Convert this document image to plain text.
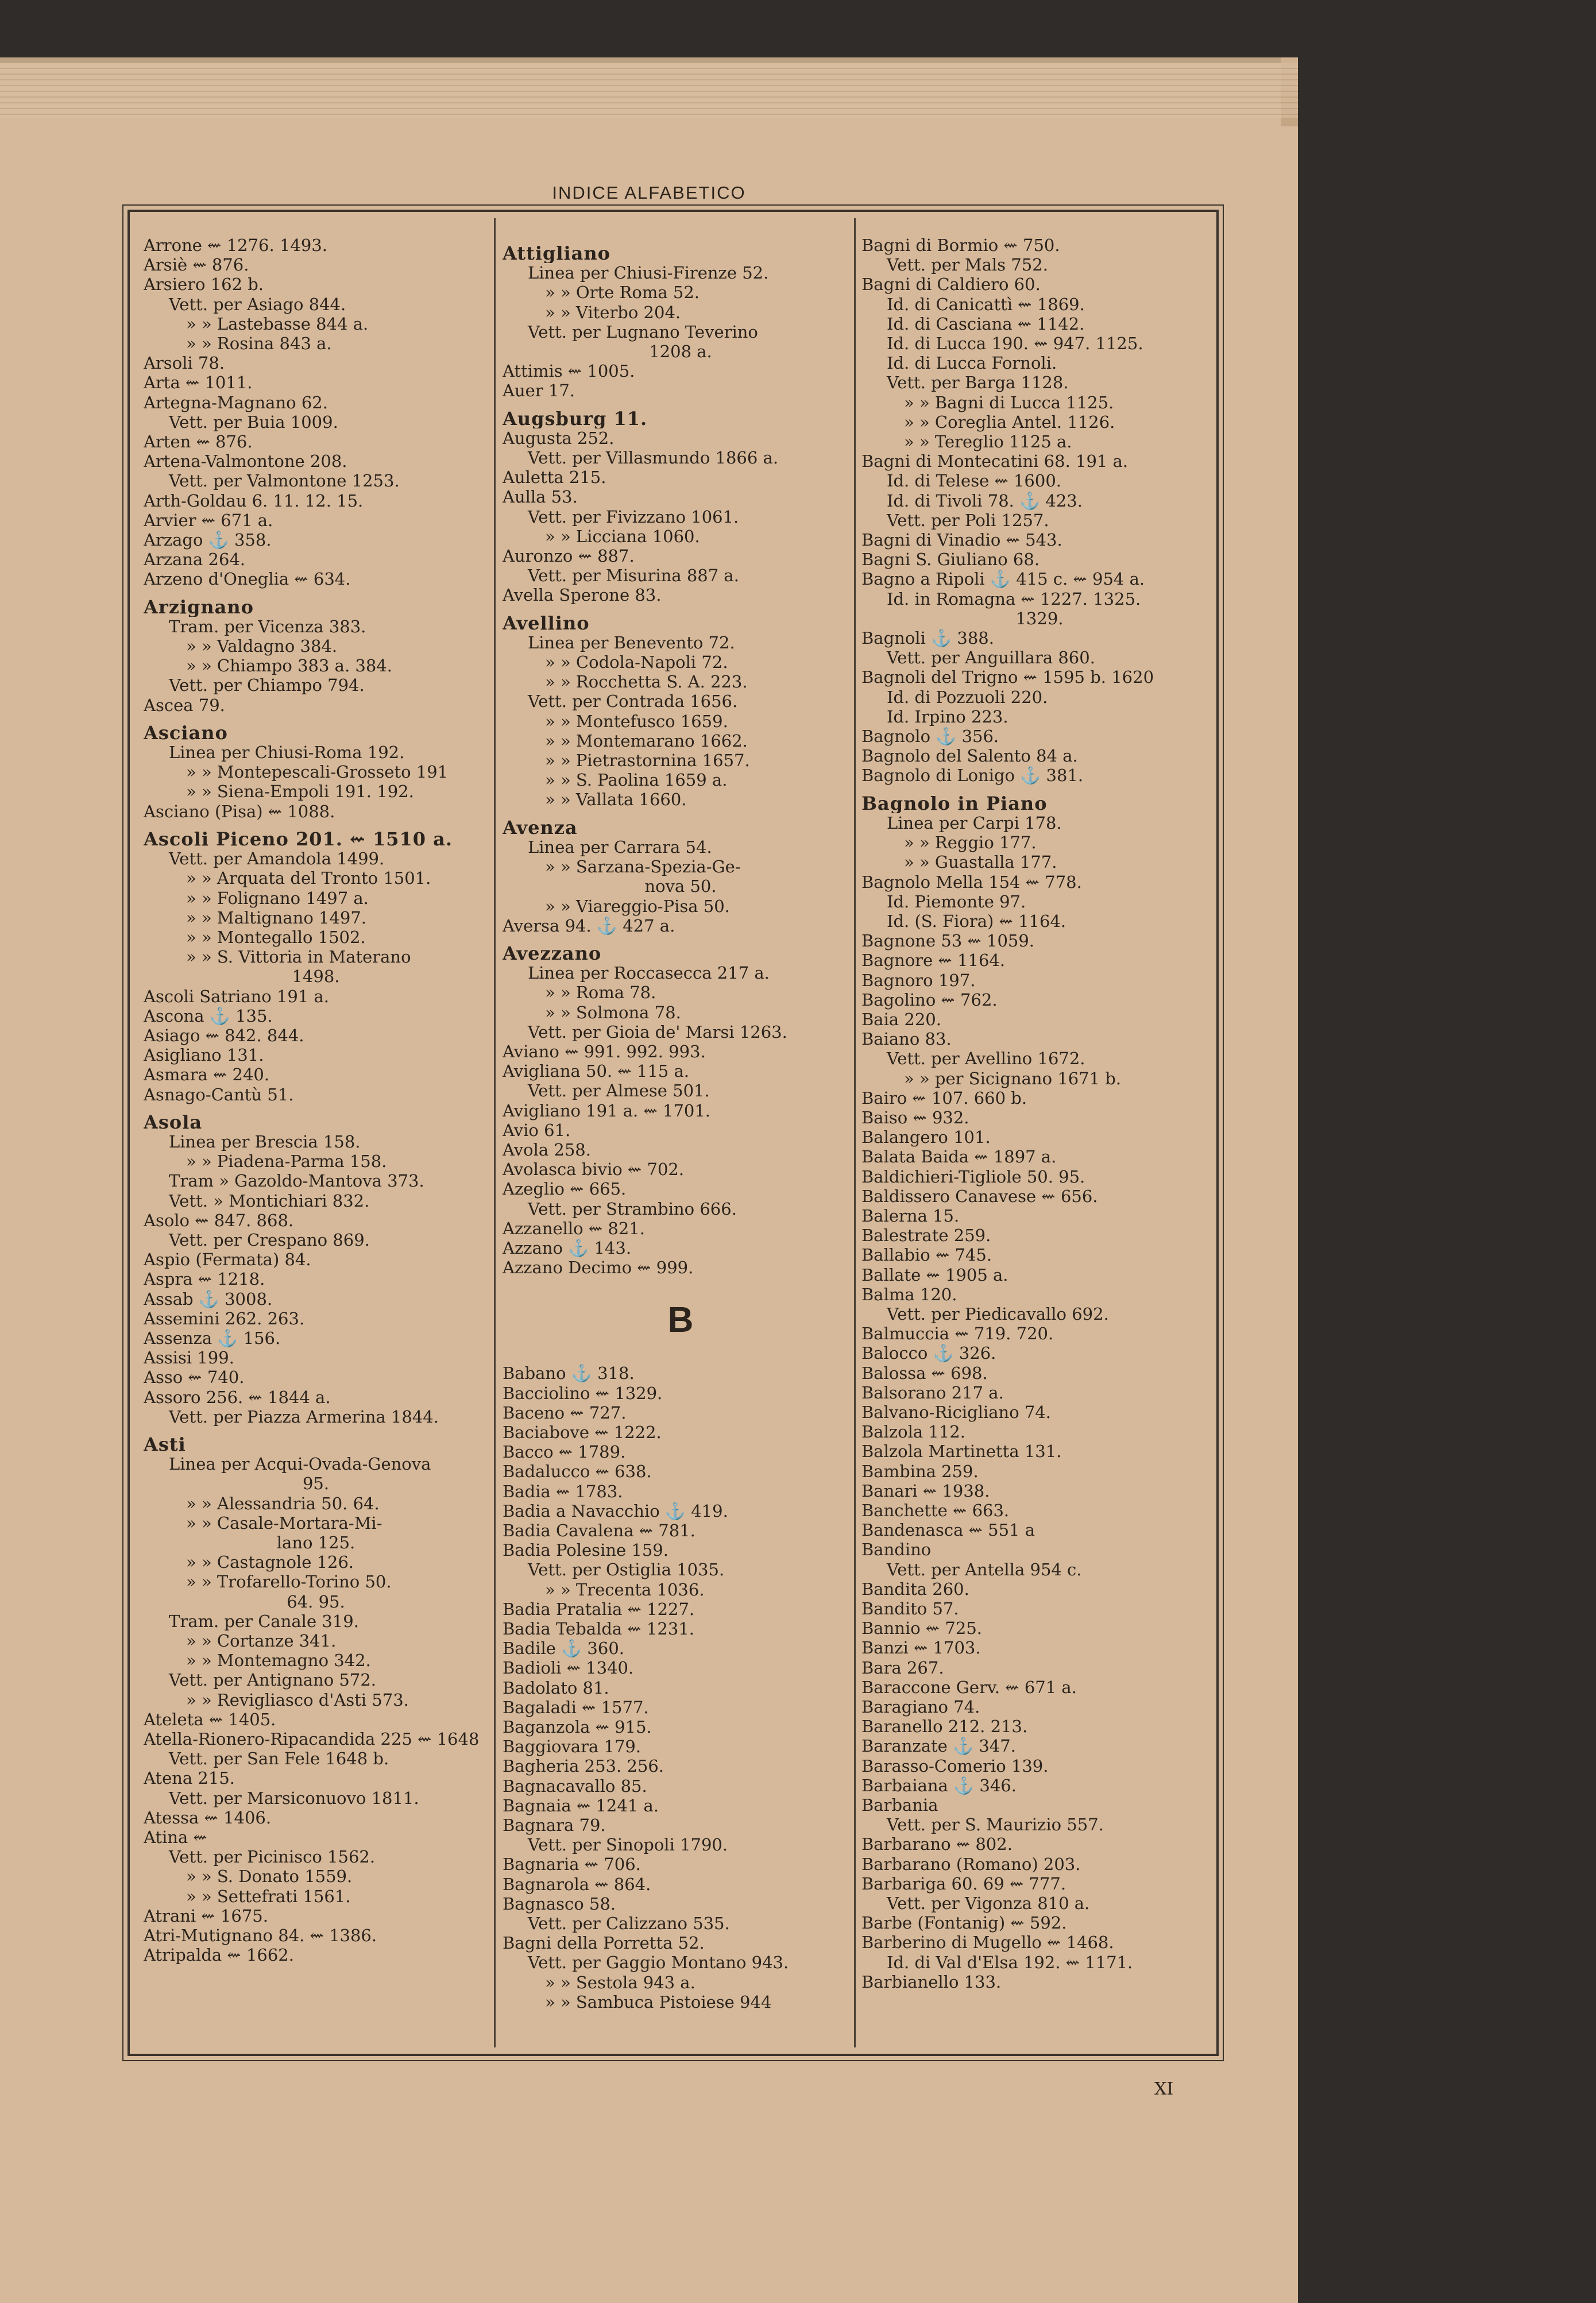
INDICE ALFABETICO
Arrone ⇜ 1276. 1493.
Arsiè ⇜ 876.
Arsiero 162 b.
Vett. per Asiago 844.
» » Lastebasse 844 a.
» » Rosina 843 a.
Arsoli 78.
Arta ⇜ 1011.
Artegna-Magnano 62.
Vett. per Buia 1009.
Arten ⇜ 876.
Artena-Valmontone 208.
Vett. per Valmontone 1253.
Arth-Goldau 6. 11. 12. 15.
Arvier ⇜ 671 a.
Arzago ⚓ 358.
Arzana 264.
Arzeno d'Oneglia ⇜ 634.
Arzignano
Tram. per Vicenza 383.
» » Valdagno 384.
» » Chiampo 383 a. 384.
Vett. per Chiampo 794.
Ascea 79.
Asciano
Linea per Chiusi-Roma 192.
» » Montepescali-Grosseto 191
» » Siena-Empoli 191. 192.
Asciano (Pisa) ⇜ 1088.
Ascoli Piceno 201. ⇜ 1510 a.
Vett. per Amandola 1499.
» » Arquata del Tronto 1501.
» » Folignano 1497 a.
» » Maltignano 1497.
» » Montegallo 1502.
» » S. Vittoria in Materano
1498.
Ascoli Satriano 191 a.
Ascona ⚓ 135.
Asiago ⇜ 842. 844.
Asigliano 131.
Asmara ⇜ 240.
Asnago-Cantù 51.
Asola
Linea per Brescia 158.
» » Piadena-Parma 158.
Tram » Gazoldo-Mantova 373.
Vett. » Montichiari 832.
Asolo ⇜ 847. 868.
Vett. per Crespano 869.
Aspio (Fermata) 84.
Aspra ⇜ 1218.
Assab ⚓ 3008.
Assemini 262. 263.
Assenza ⚓ 156.
Assisi 199.
Asso ⇜ 740.
Assoro 256. ⇜ 1844 a.
Vett. per Piazza Armerina 1844.
Asti
Linea per Acqui-Ovada-Genova
95.
» » Alessandria 50. 64.
» » Casale-Mortara-Mi-
lano 125.
» » Castagnole 126.
» » Trofarello-Torino 50.
64. 95.
Tram. per Canale 319.
» » Cortanze 341.
» » Montemagno 342.
Vett. per Antignano 572.
» » Revigliasco d'Asti 573.
Ateleta ⇜ 1405.
Atella-Rionero-Ripacandida 225 ⇜ 1648
Vett. per San Fele 1648 b.
Atena 215.
Vett. per Marsiconuovo 1811.
Atessa ⇜ 1406.
Atina ⇜
Vett. per Picinisco 1562.
» » S. Donato 1559.
» » Settefrati 1561.
Atrani ⇜ 1675.
Atri-Mutignano 84. ⇜ 1386.
Atripalda ⇜ 1662.
Attigliano
Linea per Chiusi-Firenze 52.
» » Orte Roma 52.
» » Viterbo 204.
Vett. per Lugnano Teverino
1208 a.
Attimis ⇜ 1005.
Auer 17.
Augsburg 11.
Augusta 252.
Vett. per Villasmundo 1866 a.
Auletta 215.
Aulla 53.
Vett. per Fivizzano 1061.
» » Licciana 1060.
Auronzo ⇜ 887.
Vett. per Misurina 887 a.
Avella Sperone 83.
Avellino
Linea per Benevento 72.
» » Codola-Napoli 72.
» » Rocchetta S. A. 223.
Vett. per Contrada 1656.
» » Montefusco 1659.
» » Montemarano 1662.
» » Pietrastornina 1657.
» » S. Paolina 1659 a.
» » Vallata 1660.
Avenza
Linea per Carrara 54.
» » Sarzana-Spezia-Ge-
nova 50.
» » Viareggio-Pisa 50.
Aversa 94. ⚓ 427 a.
Avezzano
Linea per Roccasecca 217 a.
» » Roma 78.
» » Solmona 78.
Vett. per Gioia de' Marsi 1263.
Aviano ⇜ 991. 992. 993.
Avigliana 50. ⇜ 115 a.
Vett. per Almese 501.
Avigliano 191 a. ⇜ 1701.
Avio 61.
Avola 258.
Avolasca bivio ⇜ 702.
Azeglio ⇜ 665.
Vett. per Strambino 666.
Azzanello ⇜ 821.
Azzano ⚓ 143.
Azzano Decimo ⇜ 999.
B
Babano ⚓ 318.
Bacciolino ⇜ 1329.
Baceno ⇜ 727.
Baciabove ⇜ 1222.
Bacco ⇜ 1789.
Badalucco ⇜ 638.
Badia ⇜ 1783.
Badia a Navacchio ⚓ 419.
Badia Cavalena ⇜ 781.
Badia Polesine 159.
Vett. per Ostiglia 1035.
» » Trecenta 1036.
Badia Pratalia ⇜ 1227.
Badia Tebalda ⇜ 1231.
Badile ⚓ 360.
Badioli ⇜ 1340.
Badolato 81.
Bagaladi ⇜ 1577.
Baganzola ⇜ 915.
Baggiovara 179.
Bagheria 253. 256.
Bagnacavallo 85.
Bagnaia ⇜ 1241 a.
Bagnara 79.
Vett. per Sinopoli 1790.
Bagnaria ⇜ 706.
Bagnarola ⇜ 864.
Bagnasco 58.
Vett. per Calizzano 535.
Bagni della Porretta 52.
Vett. per Gaggio Montano 943.
» » Sestola 943 a.
» » Sambuca Pistoiese 944
Bagni di Bormio ⇜ 750.
Vett. per Mals 752.
Bagni di Caldiero 60.
Id. di Canicattì ⇜ 1869.
Id. di Casciana ⇜ 1142.
Id. di Lucca 190. ⇜ 947. 1125.
Id. di Lucca Fornoli.
Vett. per Barga 1128.
» » Bagni di Lucca 1125.
» » Coreglia Antel. 1126.
» » Tereglio 1125 a.
Bagni di Montecatini 68. 191 a.
Id. di Telese ⇜ 1600.
Id. di Tivoli 78. ⚓ 423.
Vett. per Poli 1257.
Bagni di Vinadio ⇜ 543.
Bagni S. Giuliano 68.
Bagno a Ripoli ⚓ 415 c. ⇜ 954 a.
Id. in Romagna ⇜ 1227. 1325.
1329.
Bagnoli ⚓ 388.
Vett. per Anguillara 860.
Bagnoli del Trigno ⇜ 1595 b. 1620
Id. di Pozzuoli 220.
Id. Irpino 223.
Bagnolo ⚓ 356.
Bagnolo del Salento 84 a.
Bagnolo di Lonigo ⚓ 381.
Bagnolo in Piano
Linea per Carpi 178.
» » Reggio 177.
» » Guastalla 177.
Bagnolo Mella 154 ⇜ 778.
Id. Piemonte 97.
Id. (S. Fiora) ⇜ 1164.
Bagnone 53 ⇜ 1059.
Bagnore ⇜ 1164.
Bagnoro 197.
Bagolino ⇜ 762.
Baia 220.
Baiano 83.
Vett. per Avellino 1672.
» » per Sicignano 1671 b.
Bairo ⇜ 107. 660 b.
Baiso ⇜ 932.
Balangero 101.
Balata Baida ⇜ 1897 a.
Baldichieri-Tigliole 50. 95.
Baldissero Canavese ⇜ 656.
Balerna 15.
Balestrate 259.
Ballabio ⇜ 745.
Ballate ⇜ 1905 a.
Balma 120.
Vett. per Piedicavallo 692.
Balmuccia ⇜ 719. 720.
Balocco ⚓ 326.
Balossa ⇜ 698.
Balsorano 217 a.
Balvano-Ricigliano 74.
Balzola 112.
Balzola Martinetta 131.
Bambina 259.
Banari ⇜ 1938.
Banchette ⇜ 663.
Bandenasca ⇜ 551 a
Bandino
Vett. per Antella 954 c.
Bandita 260.
Bandito 57.
Bannio ⇜ 725.
Banzi ⇜ 1703.
Bara 267.
Baraccone Gerv. ⇜ 671 a.
Baragiano 74.
Baranello 212. 213.
Baranzate ⚓ 347.
Barasso-Comerio 139.
Barbaiana ⚓ 346.
Barbania
Vett. per S. Maurizio 557.
Barbarano ⇜ 802.
Barbarano (Romano) 203.
Barbariga 60. 69 ⇜ 777.
Vett. per Vigonza 810 a.
Barbe (Fontanig) ⇜ 592.
Barberino di Mugello ⇜ 1468.
Id. di Val d'Elsa 192. ⇜ 1171.
Barbianello 133.
XI
